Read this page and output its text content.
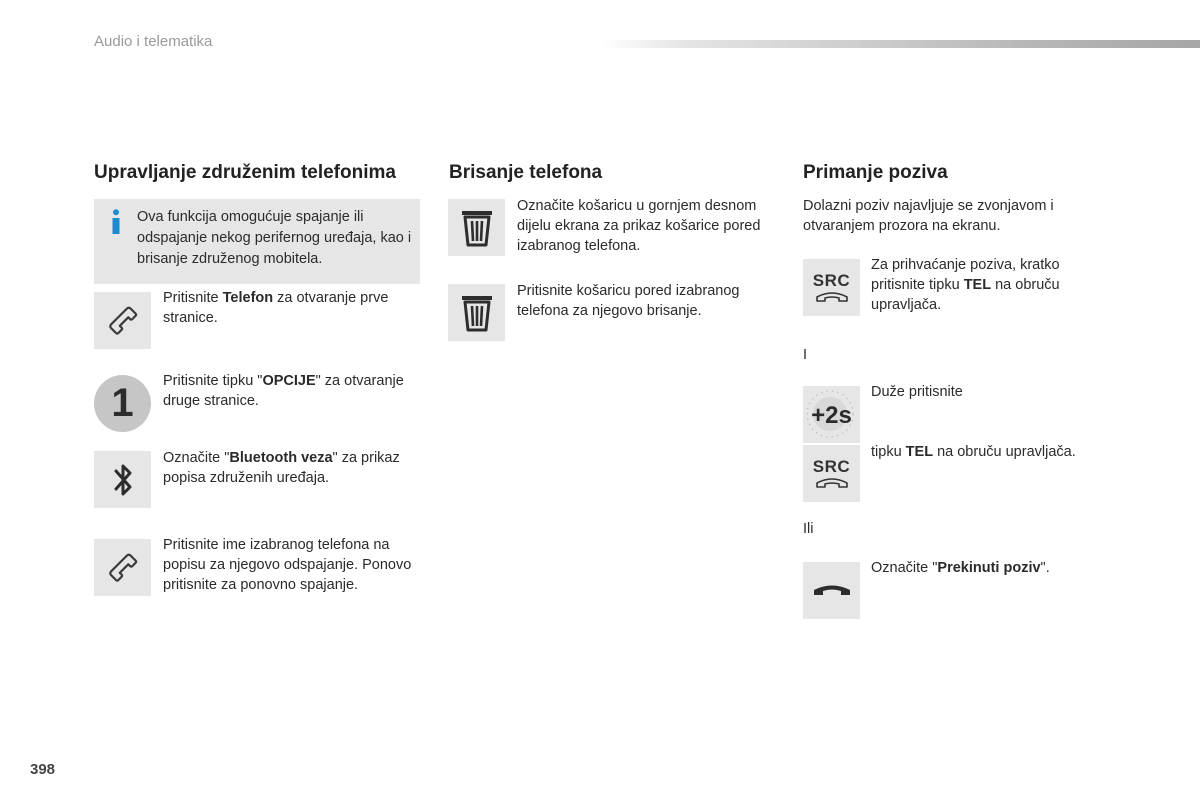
Audio i telematika
Upravljanje združenim telefonima
Ova funkcija omogućuje spajanje ili odspajanje nekog perifernog uređaja, kao i brisanje združenog mobitela.
Pritisnite Telefon za otvaranje prve stranice.
1	Pritisnite tipku "OPCIJE" za otvaranje druge stranice.
Označite "Bluetooth veza" za prikaz popisa združenih uređaja.
Pritisnite ime izabranog telefona na popisu za njegovo odspajanje. Ponovo pritisnite za ponovno spajanje.
Brisanje telefona
Označite košaricu u gornjem desnom dijelu ekrana za prikaz košarice pored izabranog telefona.
Pritisnite košaricu pored izabranog telefona za njegovo brisanje.
Primanje poziva
Dolazni poziv najavljuje se zvonjavom i otvaranjem prozora na ekranu.
SRC
Za prihvaćanje poziva, kratko pritisnite tipku TEL na obruču upravljača.
I
+2s
Duže pritisnite
SRC
tipku TEL na obruču upravljača.
Ili
Označite "Prekinuti poziv".
398
